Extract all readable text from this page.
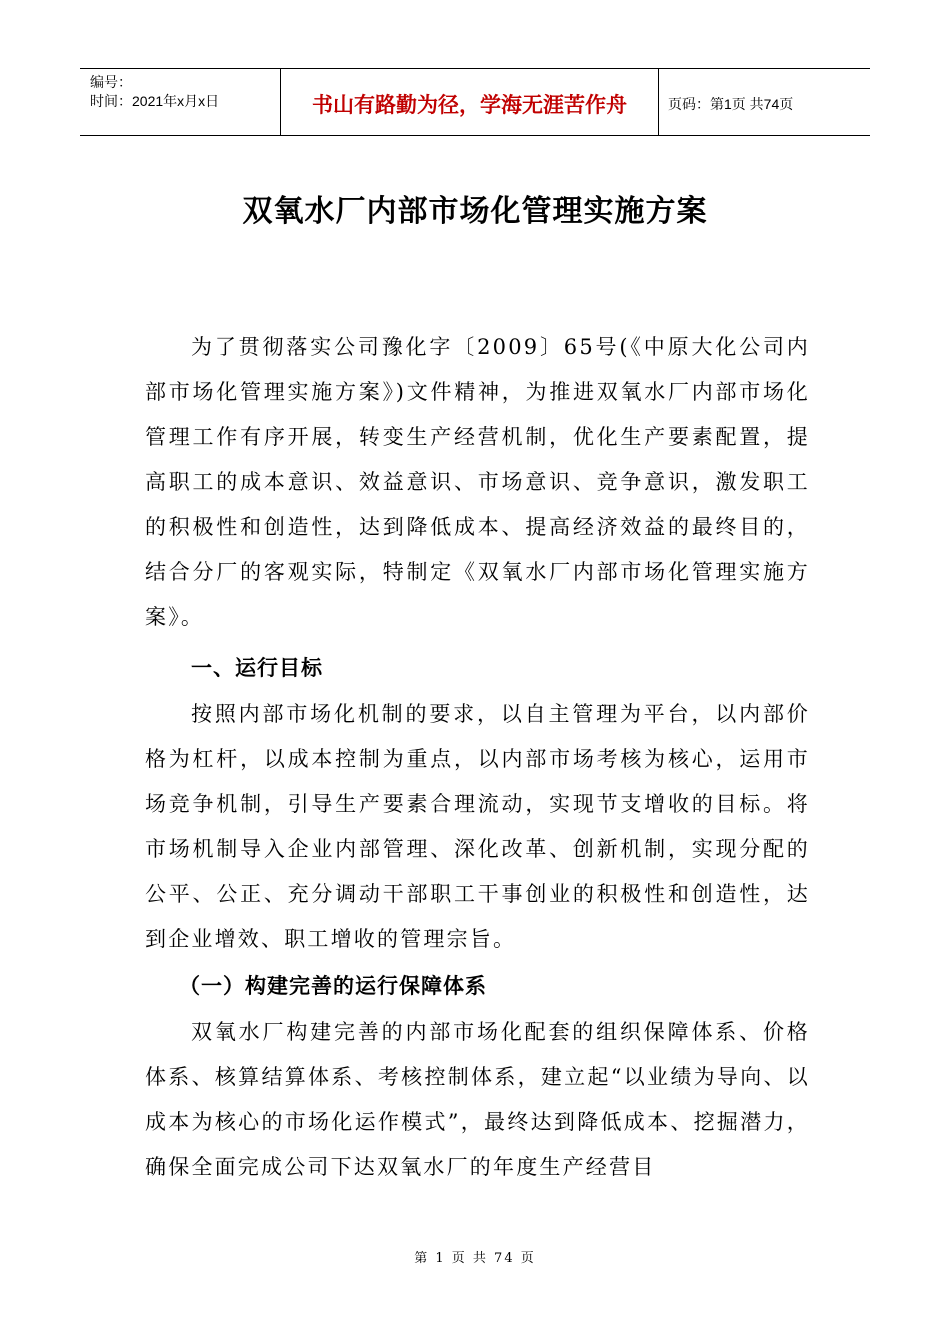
编号：
时间：2021年x月x日	书山有路勤为径，学海无涯苦作舟	页码：第1页 共74页
双氧水厂内部市场化管理实施方案

为了贯彻落实公司豫化字〔2009〕65号(《中原大化公司内部市场化管理实施方案》)文件精神，为推进双氧水厂内部市场化管理工作有序开展，转变生产经营机制，优化生产要素配置，提高职工的成本意识、效益意识、市场意识、竞争意识，激发职工的积极性和创造性，达到降低成本、提高经济效益的最终目的，结合分厂的客观实际，特制定《双氧水厂内部市场化管理实施方案》。

一、运行目标

按照内部市场化机制的要求，以自主管理为平台，以内部价格为杠杆，以成本控制为重点，以内部市场考核为核心，运用市场竞争机制，引导生产要素合理流动，实现节支增收的目标。将市场机制导入企业内部管理、深化改革、创新机制，实现分配的公平、公正、充分调动干部职工干事创业的积极性和创造性，达到企业增效、职工增收的管理宗旨。

（一）构建完善的运行保障体系

双氧水厂构建完善的内部市场化配套的组织保障体系、价格体系、核算结算体系、考核控制体系，建立起“以业绩为导向、以成本为核心的市场化运作模式”，最终达到降低成本、挖掘潜力，确保全面完成公司下达双氧水厂的年度生产经营目

第 1 页 共 74 页
